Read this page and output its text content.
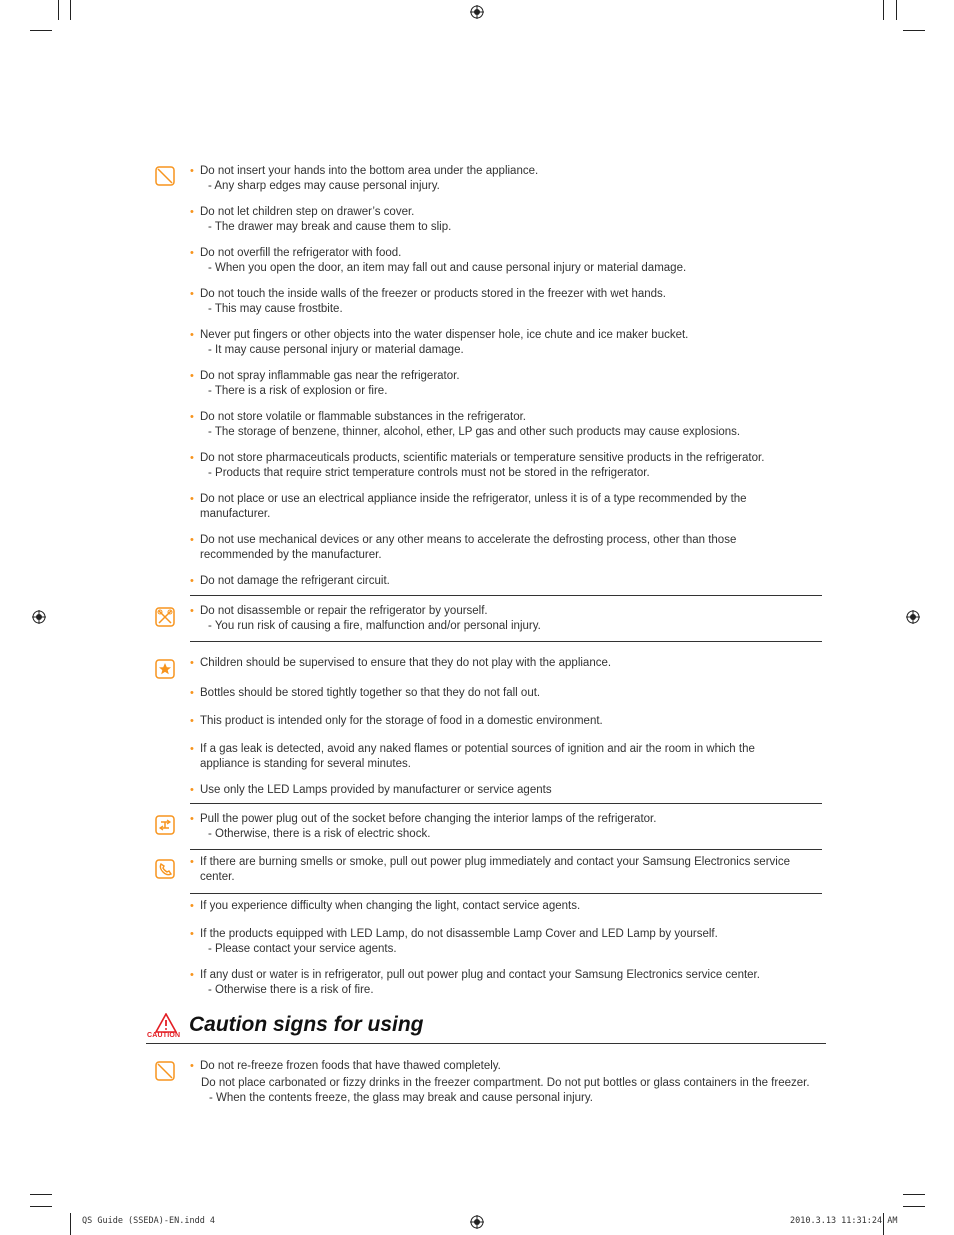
• Do not insert your hands into the bottom area under the appliance.
- Any sharp edges may cause personal injury.
• Do not let children step on drawer’s cover.
- The drawer may break and cause them to slip.
• Do not overfill the refrigerator with food.
- When you open the door, an item may fall out and cause personal injury or material damage.
• Do not touch the inside walls of the freezer or products stored in the freezer with wet hands.
- This may cause frostbite.
• Never put fingers or other objects into the water dispenser hole, ice chute and ice maker bucket.
- It may cause personal injury or material damage.
• Do not spray inflammable gas near the refrigerator.
- There is a risk of explosion or fire.
• Do not store volatile or flammable substances in the refrigerator.
- The storage of benzene, thinner, alcohol, ether, LP gas and other such products may cause explosions.
• Do not store pharmaceuticals products, scientific materials or temperature sensitive products in the refrigerator.
- Products that require strict temperature controls must not be stored in the refrigerator.
• Do not place or use an electrical appliance inside the refrigerator, unless it is of a type recommended by the manufacturer.
• Do not use mechanical devices or any other means to accelerate the defrosting process, other than those recommended by the manufacturer.
• Do not damage the refrigerant circuit.
• Do not disassemble or repair the refrigerator by yourself.
- You run risk of causing a fire, malfunction and/or personal injury.
• Children should be supervised to ensure that they do not play with the appliance.
• Bottles should be stored tightly together so that they do not fall out.
• This product is intended only for the storage of food in a domestic environment.
• If a gas leak is detected, avoid any naked flames or potential sources of ignition and air the room in which the appliance is standing for several minutes.
• Use only the LED Lamps provided by manufacturer or service agents
• Pull the power plug out of the socket before changing the interior lamps of the refrigerator.
- Otherwise, there is a risk of electric shock.
• If there are burning smells or smoke, pull out power plug immediately and contact your Samsung Electronics service center.
• If you experience difficulty when changing the light, contact service agents.
• If the products equipped with LED Lamp, do not disassemble Lamp Cover and LED Lamp by yourself.
- Please contact your service agents.
• If any dust or water is in refrigerator, pull out power plug and contact your Samsung Electronics service center.
- Otherwise there is a risk of fire.
CAUTION Caution signs for using
• Do not re-freeze frozen foods that have thawed completely.
Do not place carbonated or fizzy drinks in the freezer compartment. Do not put bottles or glass containers in the freezer.
- When the contents freeze, the glass may break and cause personal injury.
QS Guide (SSEDA)-EN.indd 4	2010.3.13 11:31:24 AM
